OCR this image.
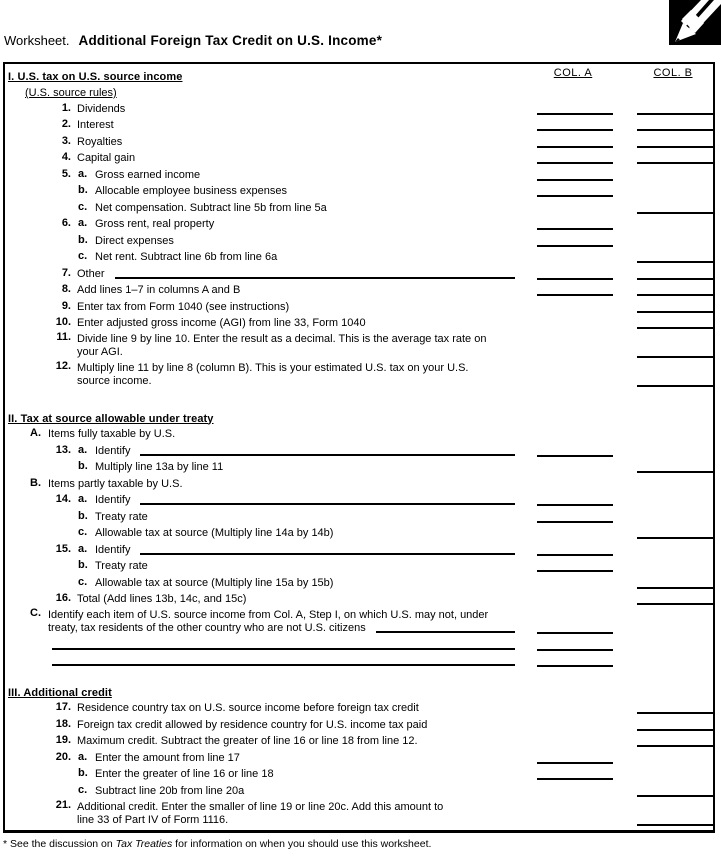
Worksheet. Additional Foreign Tax Credit on U.S. Income*
COL. A	COL. B
I. U.S. tax on U.S. source income
(U.S. source rules)
1. Dividends
2. Interest
3. Royalties
4. Capital gain
5. a. Gross earned income
b. Allocable employee business expenses
c. Net compensation. Subtract line 5b from line 5a
6. a. Gross rent, real property
b. Direct expenses
c. Net rent. Subtract line 6b from line 6a
7. Other
8. Add lines 1–7 in columns A and B
9. Enter tax from Form 1040 (see instructions)
10. Enter adjusted gross income (AGI) from line 33, Form 1040
11. Divide line 9 by line 10. Enter the result as a decimal. This is the average tax rate on
your AGI.
12. Multiply line 11 by line 8 (column B). This is your estimated U.S. tax on your U.S.
source income.
II. Tax at source allowable under treaty
A. Items fully taxable by U.S.
13. a. Identify
b. Multiply line 13a by line 11
B. Items partly taxable by U.S.
14. a. Identify
b. Treaty rate
c. Allowable tax at source (Multiply line 14a by 14b)
15. a. Identify
b. Treaty rate
c. Allowable tax at source (Multiply line 15a by 15b)
16. Total (Add lines 13b, 14c, and 15c)
C. Identify each item of U.S. source income from Col. A, Step I, on which U.S. may not, under
treaty, tax residents of the other country who are not U.S. citizens
III. Additional credit
17. Residence country tax on U.S. source income before foreign tax credit
18. Foreign tax credit allowed by residence country for U.S. income tax paid
19. Maximum credit. Subtract the greater of line 16 or line 18 from line 12.
20. a. Enter the amount from line 17
b. Enter the greater of line 16 or line 18
c. Subtract line 20b from line 20a
21. Additional credit. Enter the smaller of line 19 or line 20c. Add this amount to
line 33 of Part IV of Form 1116.
* See the discussion on Tax Treaties for information on when you should use this worksheet.
